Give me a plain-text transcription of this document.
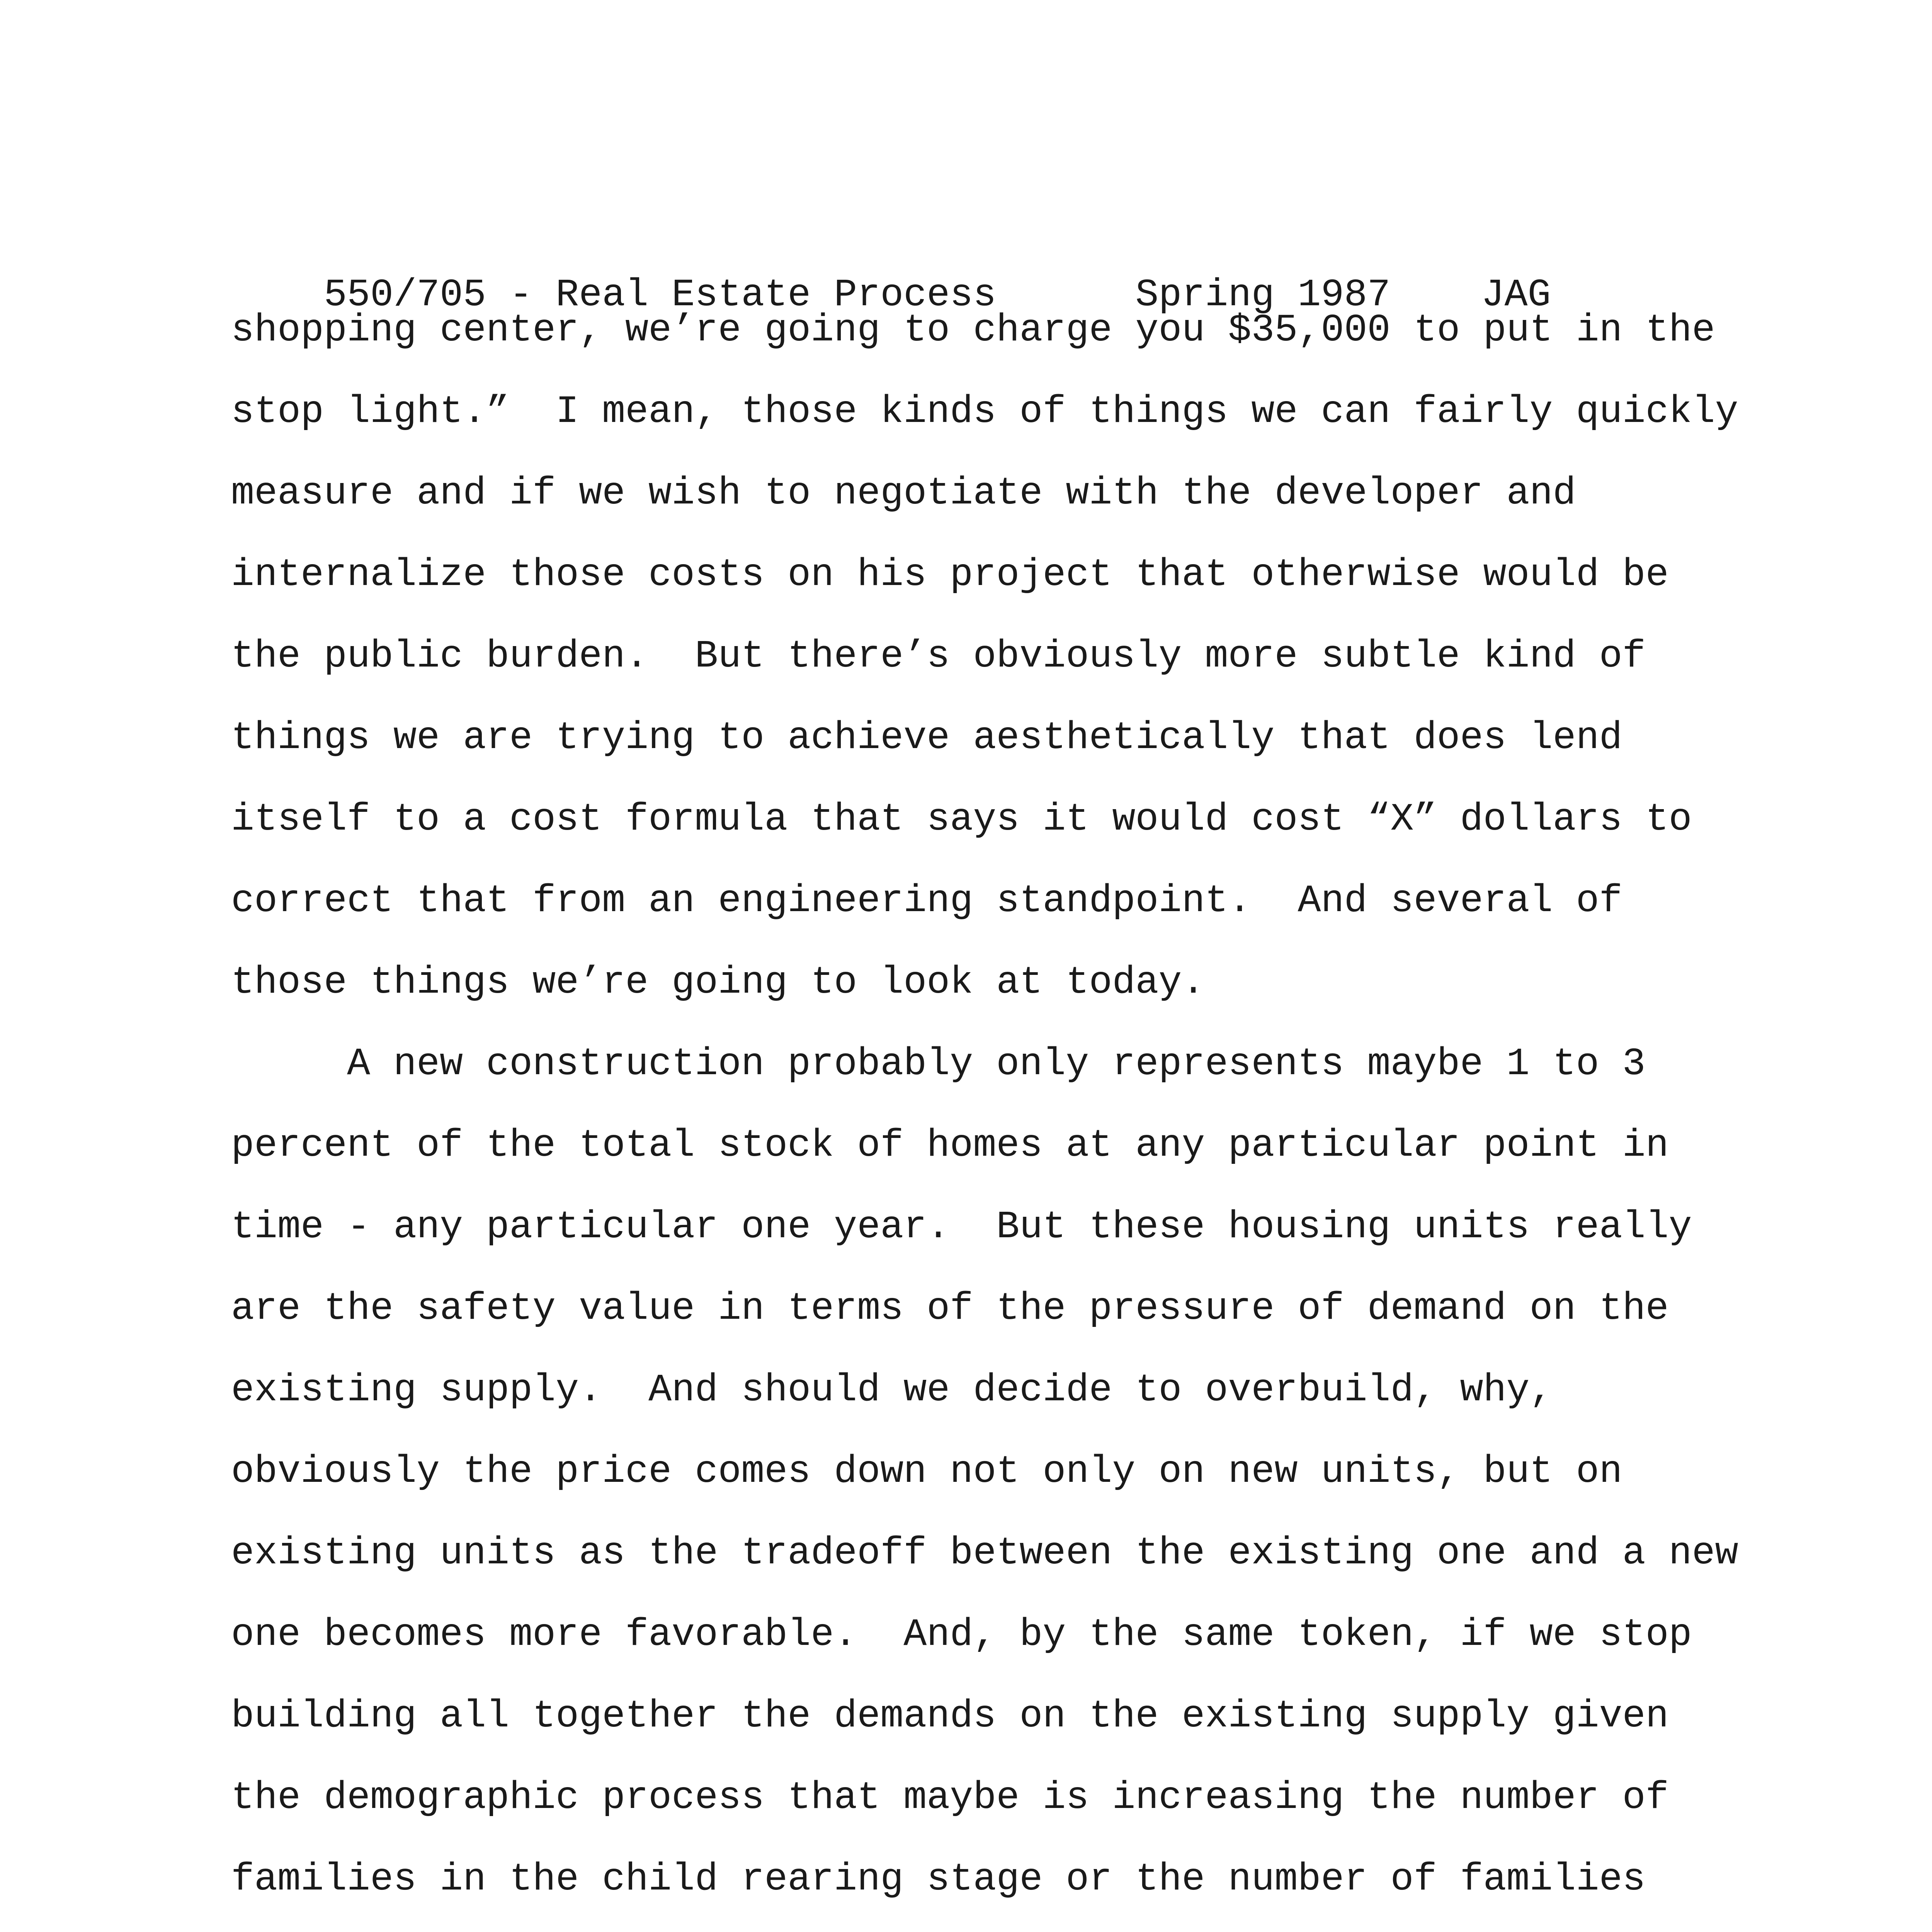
550/705 - Real Estate Process	Spring 1987 JAG

shopping center, we’re going to charge you $35,000 to put in the
stop light.”  I mean, those kinds of things we can fairly quickly
measure and if we wish to negotiate with the developer and
internalize those costs on his project that otherwise would be
the public burden.  But there’s obviously more subtle kind of
things we are trying to achieve aesthetically that does lend
itself to a cost formula that says it would cost “X” dollars to
correct that from an engineering standpoint.  And several of
those things we’re going to look at today.
A new construction probably only represents maybe 1 to 3
percent of the total stock of homes at any particular point in
time - any particular one year.  But these housing units really
are the safety value in terms of the pressure of demand on the
existing supply.  And should we decide to overbuild, why,
obviously the price comes down not only on new units, but on
existing units as the tradeoff between the existing one and a new
one becomes more favorable.  And, by the same token, if we stop
building all together the demands on the existing supply given
the demographic process that maybe is increasing the number of
families in the child rearing stage or the number of families
